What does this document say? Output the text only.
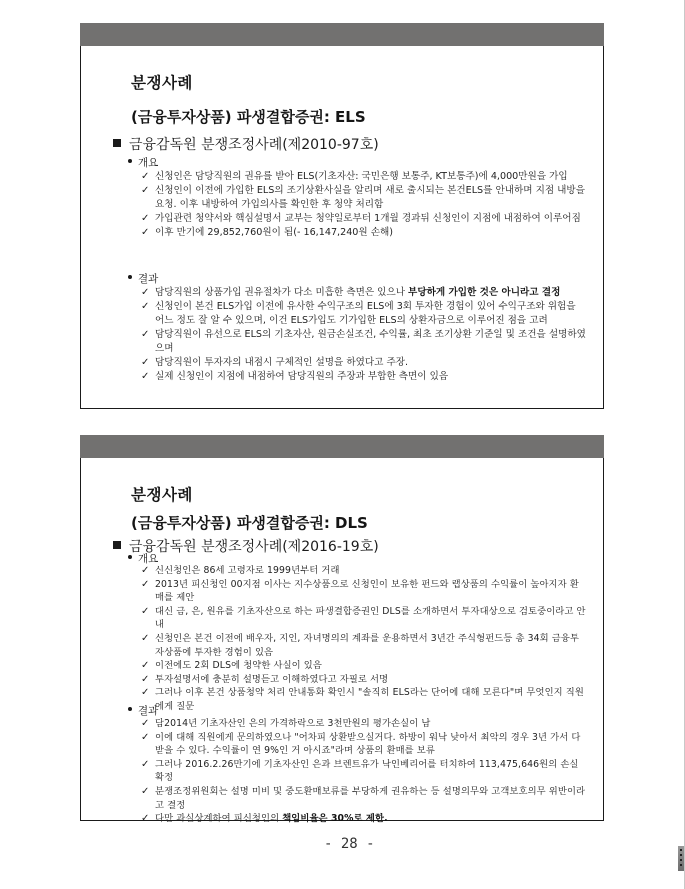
분쟁사례
(금융투자상품) 파생결합증권: ELS
금융감독원 분쟁조정사례(제2010-97호)
개요
✓ 신청인은 담당직원의 권유를 받아 ELS(기초자산: 국민은행 보통주, KT보통주)에 4,000만원을 가입
✓ 신청인이 이전에 가입한 ELS의 조기상환사실을 알리며 새로 출시되는 본건ELS를 안내하며 지점 내방을 요청. 이후 내방하여 가입의사를 확인한 후 청약 처리함
✓ 가입관련 청약서와 핵심설명서 교부는 청약일로부터 1개월 경과뒤 신청인이 지점에 내점하여 이루어짐
✓ 이후 만기에 29,852,760원이 됨(- 16,147,240원 손해)
결과
✓ 담당직원의 상품가입 권유절차가 다소 미흡한 측면은 있으나 부당하게 가입한 것은 아니라고 결정
✓ 신청인이 본건 ELS가입 이전에 유사한 수익구조의 ELS에 3회 투자한 경험이 있어 수익구조와 위험을 어느 정도 잘 알 수 있으며, 이건 ELS가입도 기가입한 ELS의 상환자금으로 이루어진 점을 고려
✓ 담당직원이 유선으로 ELS의 기초자산, 원금손실조건, 수익률, 최초 조기상환 기준일 및 조건을 설명하였으며
✓ 담당직원이 투자자의 내점시 구체적인 설명을 하였다고 주장.
✓ 실제 신청인이 지점에 내점하여 담당직원의 주장과 부합한 측면이 있음
분쟁사례
(금융투자상품) 파생결합증권: DLS
금융감독원 분쟁조정사례(제2016-19호)
개요
✓ 신신청인은 86세 고령자로 1999년부터 거래
✓ 2013년 피신청인 00지점 이사는 지수상품으로 신청인이 보유한 펀드와 랩상품의 수익률이 높아지자 환매를 제안
✓ 대신 금, 은, 원유를 기초자산으로 하는 파생결합증권인 DLS를 소개하면서 투자대상으로 검토중이라고 안내
✓ 신청인은 본건 이전에 배우자, 지인, 자녀명의의 계좌를 운용하면서 3년간 주식형펀드등 총 34회 금융투자상품에 투자한 경험이 있음
✓ 이전에도 2회 DLS에 청약한 사실이 있음
✓ 투자설명서에 충분히 설명듣고 이해하였다고 자필로 서명
✓ 그러나 이후 본건 상품청약 처리 안내통화 확인시 "솔직히 ELS라는 단어에 대해 모른다"며 무엇인지 직원에게 질문
결과
✓ 담2014년 기초자산인 은의 가격하락으로 3천만원의 평가손실이 남
✓ 이에 대해 직원에게 문의하였으나 "어차피 상환받으실거다. 하방이 워낙 낮아서 최악의 경우 3년 가서 다 받을 수 있다. 수익률이 연 9%인 거 아시죠"라며 상품의 환매를 보류
✓ 그러나 2016.2.26만기에 기초자산인 은과 브렌트유가 낙인베리어를 터치하여 113,475,646원의 손실 확정
✓ 분쟁조정위원회는 설명 미비 및 중도환매보류를 부당하게 권유하는 등 설명의무와 고객보호의무 위반이라고 결정
✓ 다만 과실상계하여 피신청인의 책임비율은 30%로 제한.
- 28 -
